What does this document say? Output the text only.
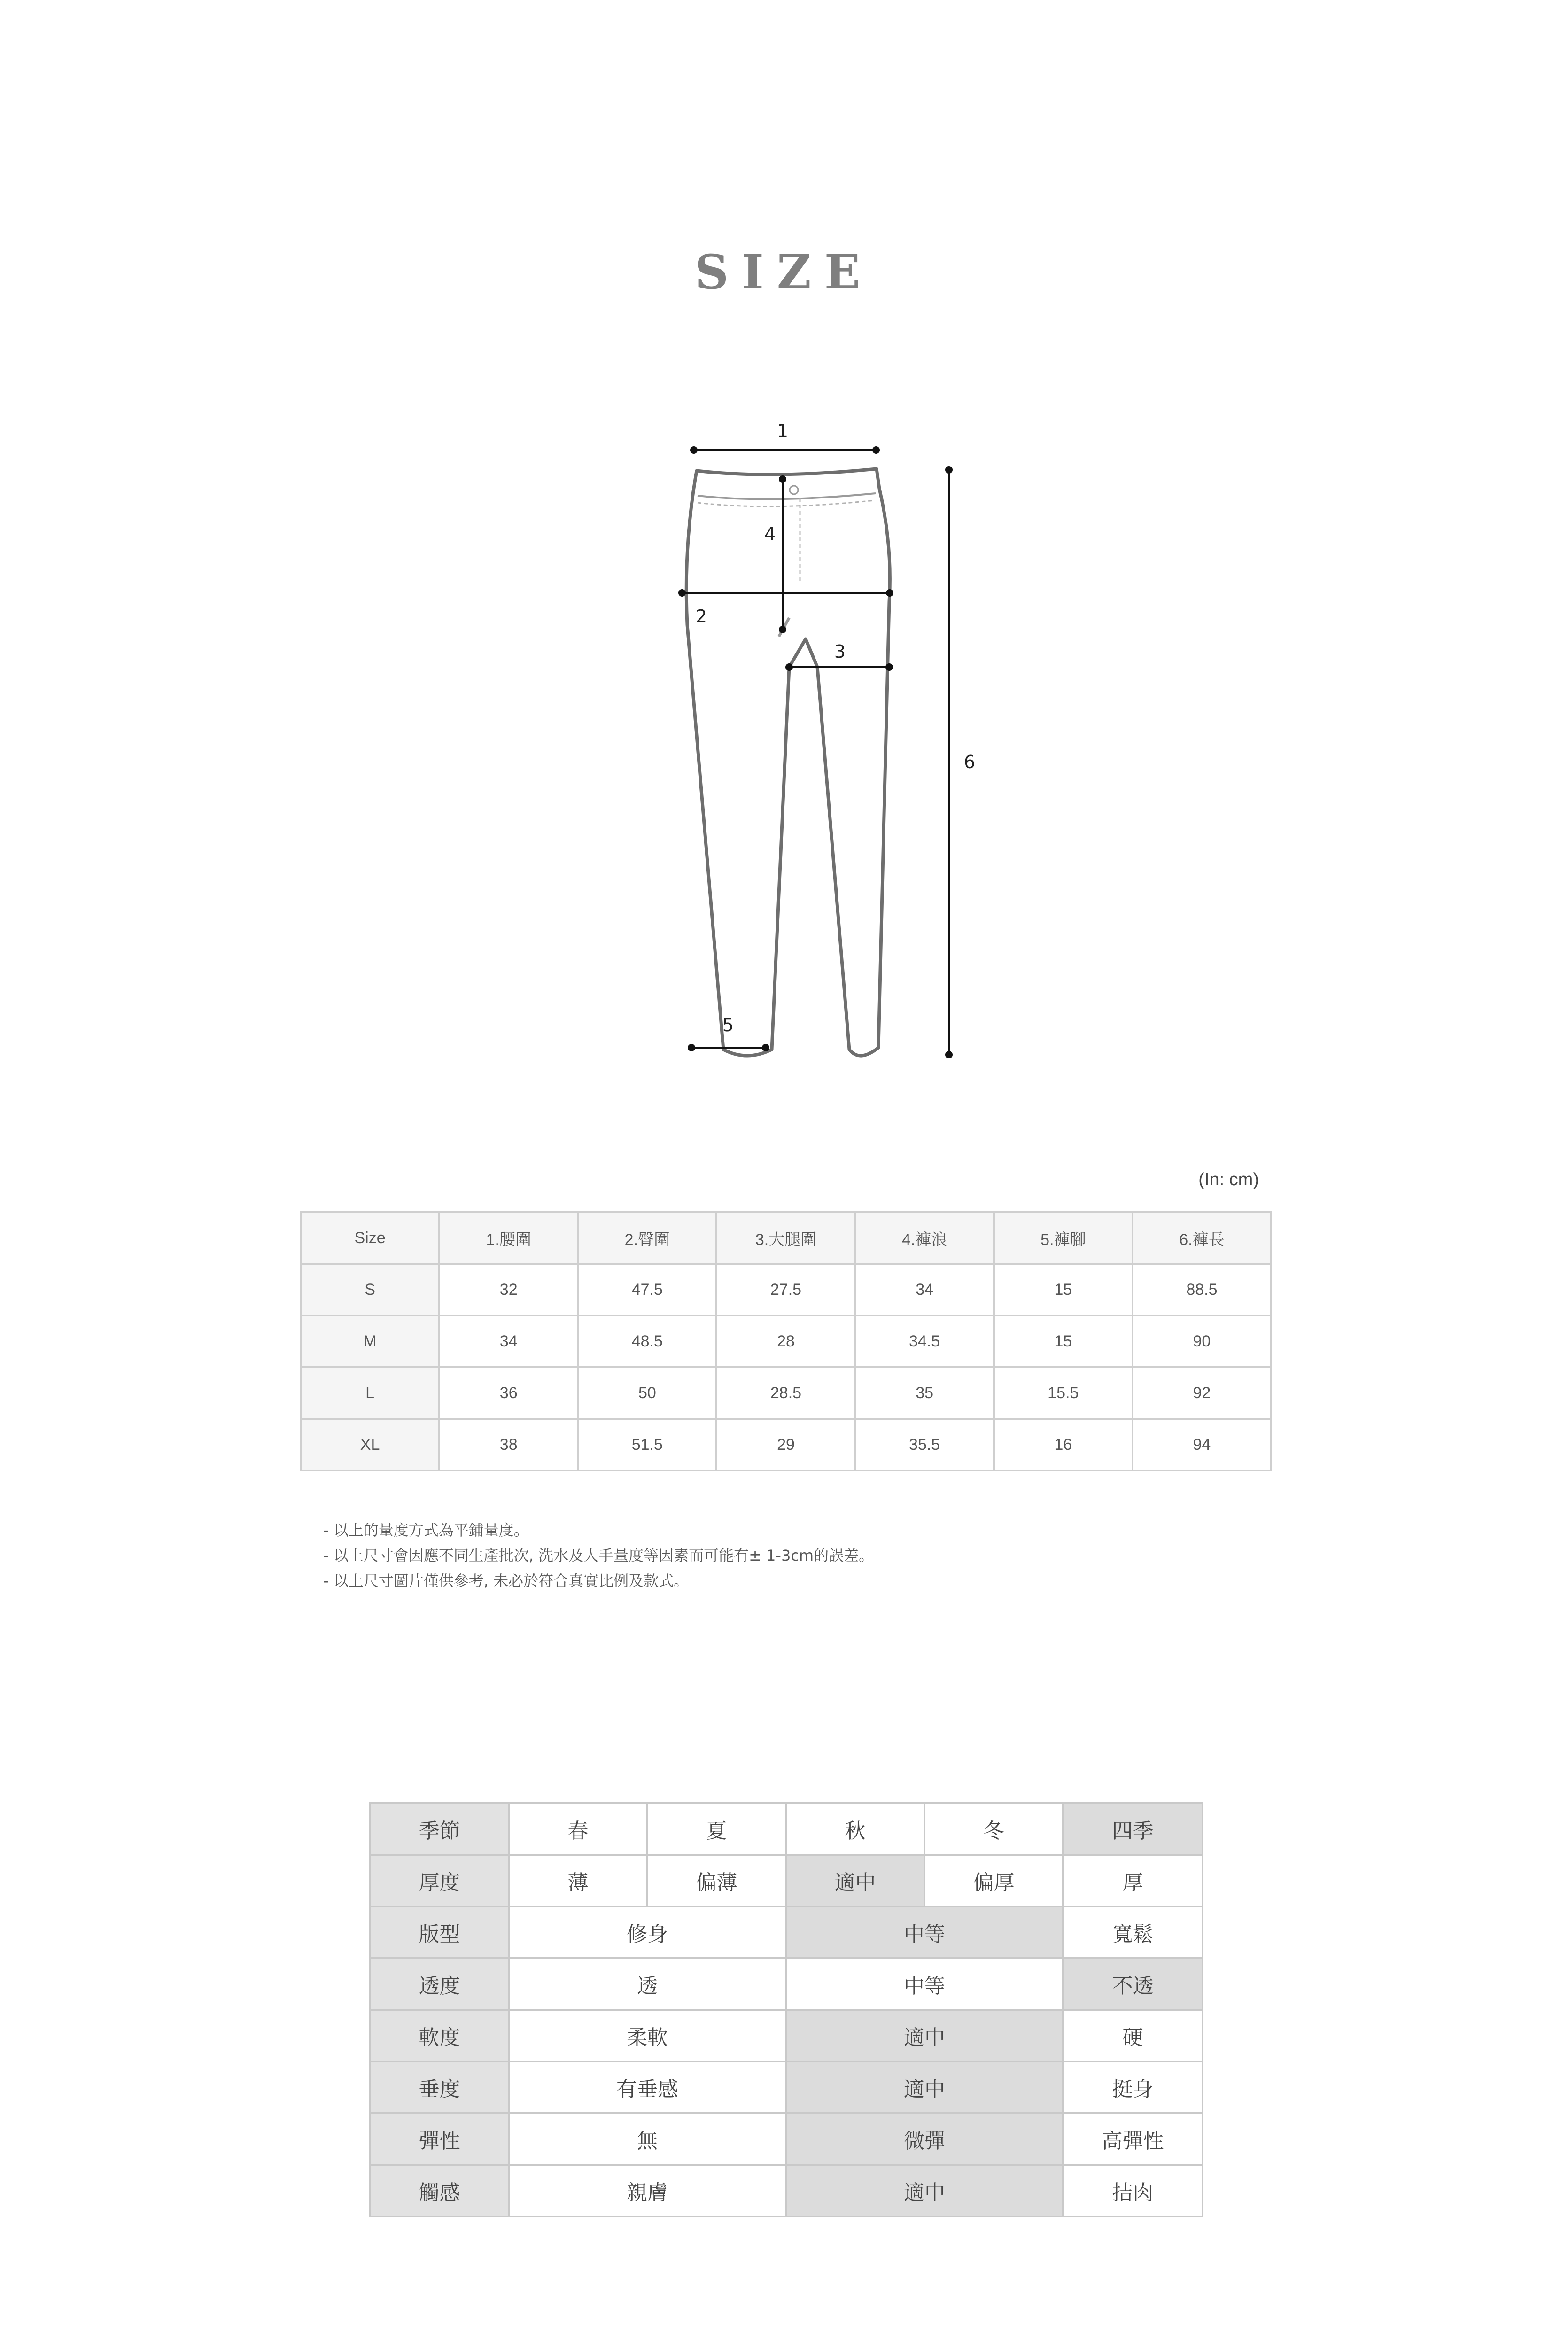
SIZE
1
2
3
4
5
6
(In: cm)
Size	1.腰圍	2.臀圍	3.大腿圍	4.褲浪	5.褲腳	6.褲長
S	32	47.5	27.5	34	15	88.5
M	34	48.5	28	34.5	15	90
L	36	50	28.5	35	15.5	92
XL	38	51.5	29	35.5	16	94
- 以上的量度方式為平鋪量度。
- 以上尺寸會因應不同生產批次, 洗水及人手量度等因素而可能有± 1-3cm的誤差。
- 以上尺寸圖片僅供參考, 未必於符合真實比例及款式。
季節	春	夏	秋	冬	四季
厚度	薄	偏薄	適中	偏厚	厚
版型	修身		中等		寬鬆
透度	透		中等		不透
軟度	柔軟		適中		硬
垂度	有垂感		適中		挺身
彈性	無		微彈		高彈性
觸感	親膚		適中		拮肉
